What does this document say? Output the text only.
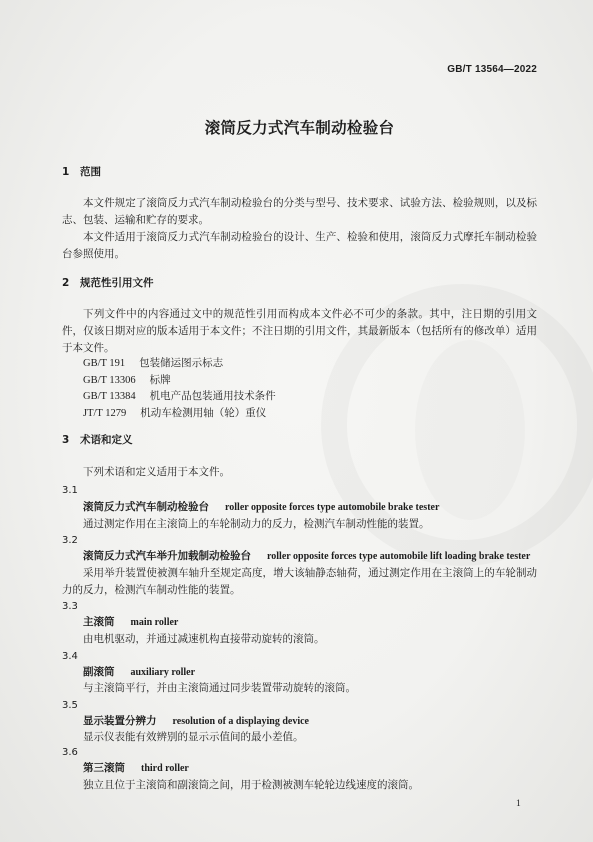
GB/T 13564—2022
滚筒反力式汽车制动检验台
1 范围
本文件规定了滚筒反力式汽车制动检验台的分类与型号、技术要求、试验方法、检验规则，以及标志、包装、运输和贮存的要求。
本文件适用于滚筒反力式汽车制动检验台的设计、生产、检验和使用，滚筒反力式摩托车制动检验台参照使用。
2 规范性引用文件
下列文件中的内容通过文中的规范性引用而构成本文件必不可少的条款。其中，注日期的引用文件，仅该日期对应的版本适用于本文件；不注日期的引用文件，其最新版本（包括所有的修改单）适用于本文件。
GB/T 191 包装储运图示标志
GB/T 13306 标牌
GB/T 13384 机电产品包装通用技术条件
JT/T 1279 机动车检测用轴（轮）重仪
3 术语和定义
下列术语和定义适用于本文件。
3.1
滚筒反力式汽车制动检验台 roller opposite forces type automobile brake tester
通过测定作用在主滚筒上的车轮制动力的反力，检测汽车制动性能的装置。
3.2
滚筒反力式汽车举升加载制动检验台 roller opposite forces type automobile lift loading brake tester
采用举升装置使被测车轴升至规定高度，增大该轴静态轴荷，通过测定作用在主滚筒上的车轮制动力的反力，检测汽车制动性能的装置。
3.3
主滚筒 main roller
由电机驱动，并通过减速机构直接带动旋转的滚筒。
3.4
副滚筒 auxiliary roller
与主滚筒平行，并由主滚筒通过同步装置带动旋转的滚筒。
3.5
显示装置分辨力 resolution of a displaying device
显示仪表能有效辨别的显示示值间的最小差值。
3.6
第三滚筒 third roller
独立且位于主滚筒和副滚筒之间，用于检测被测车轮轮边线速度的滚筒。
1
